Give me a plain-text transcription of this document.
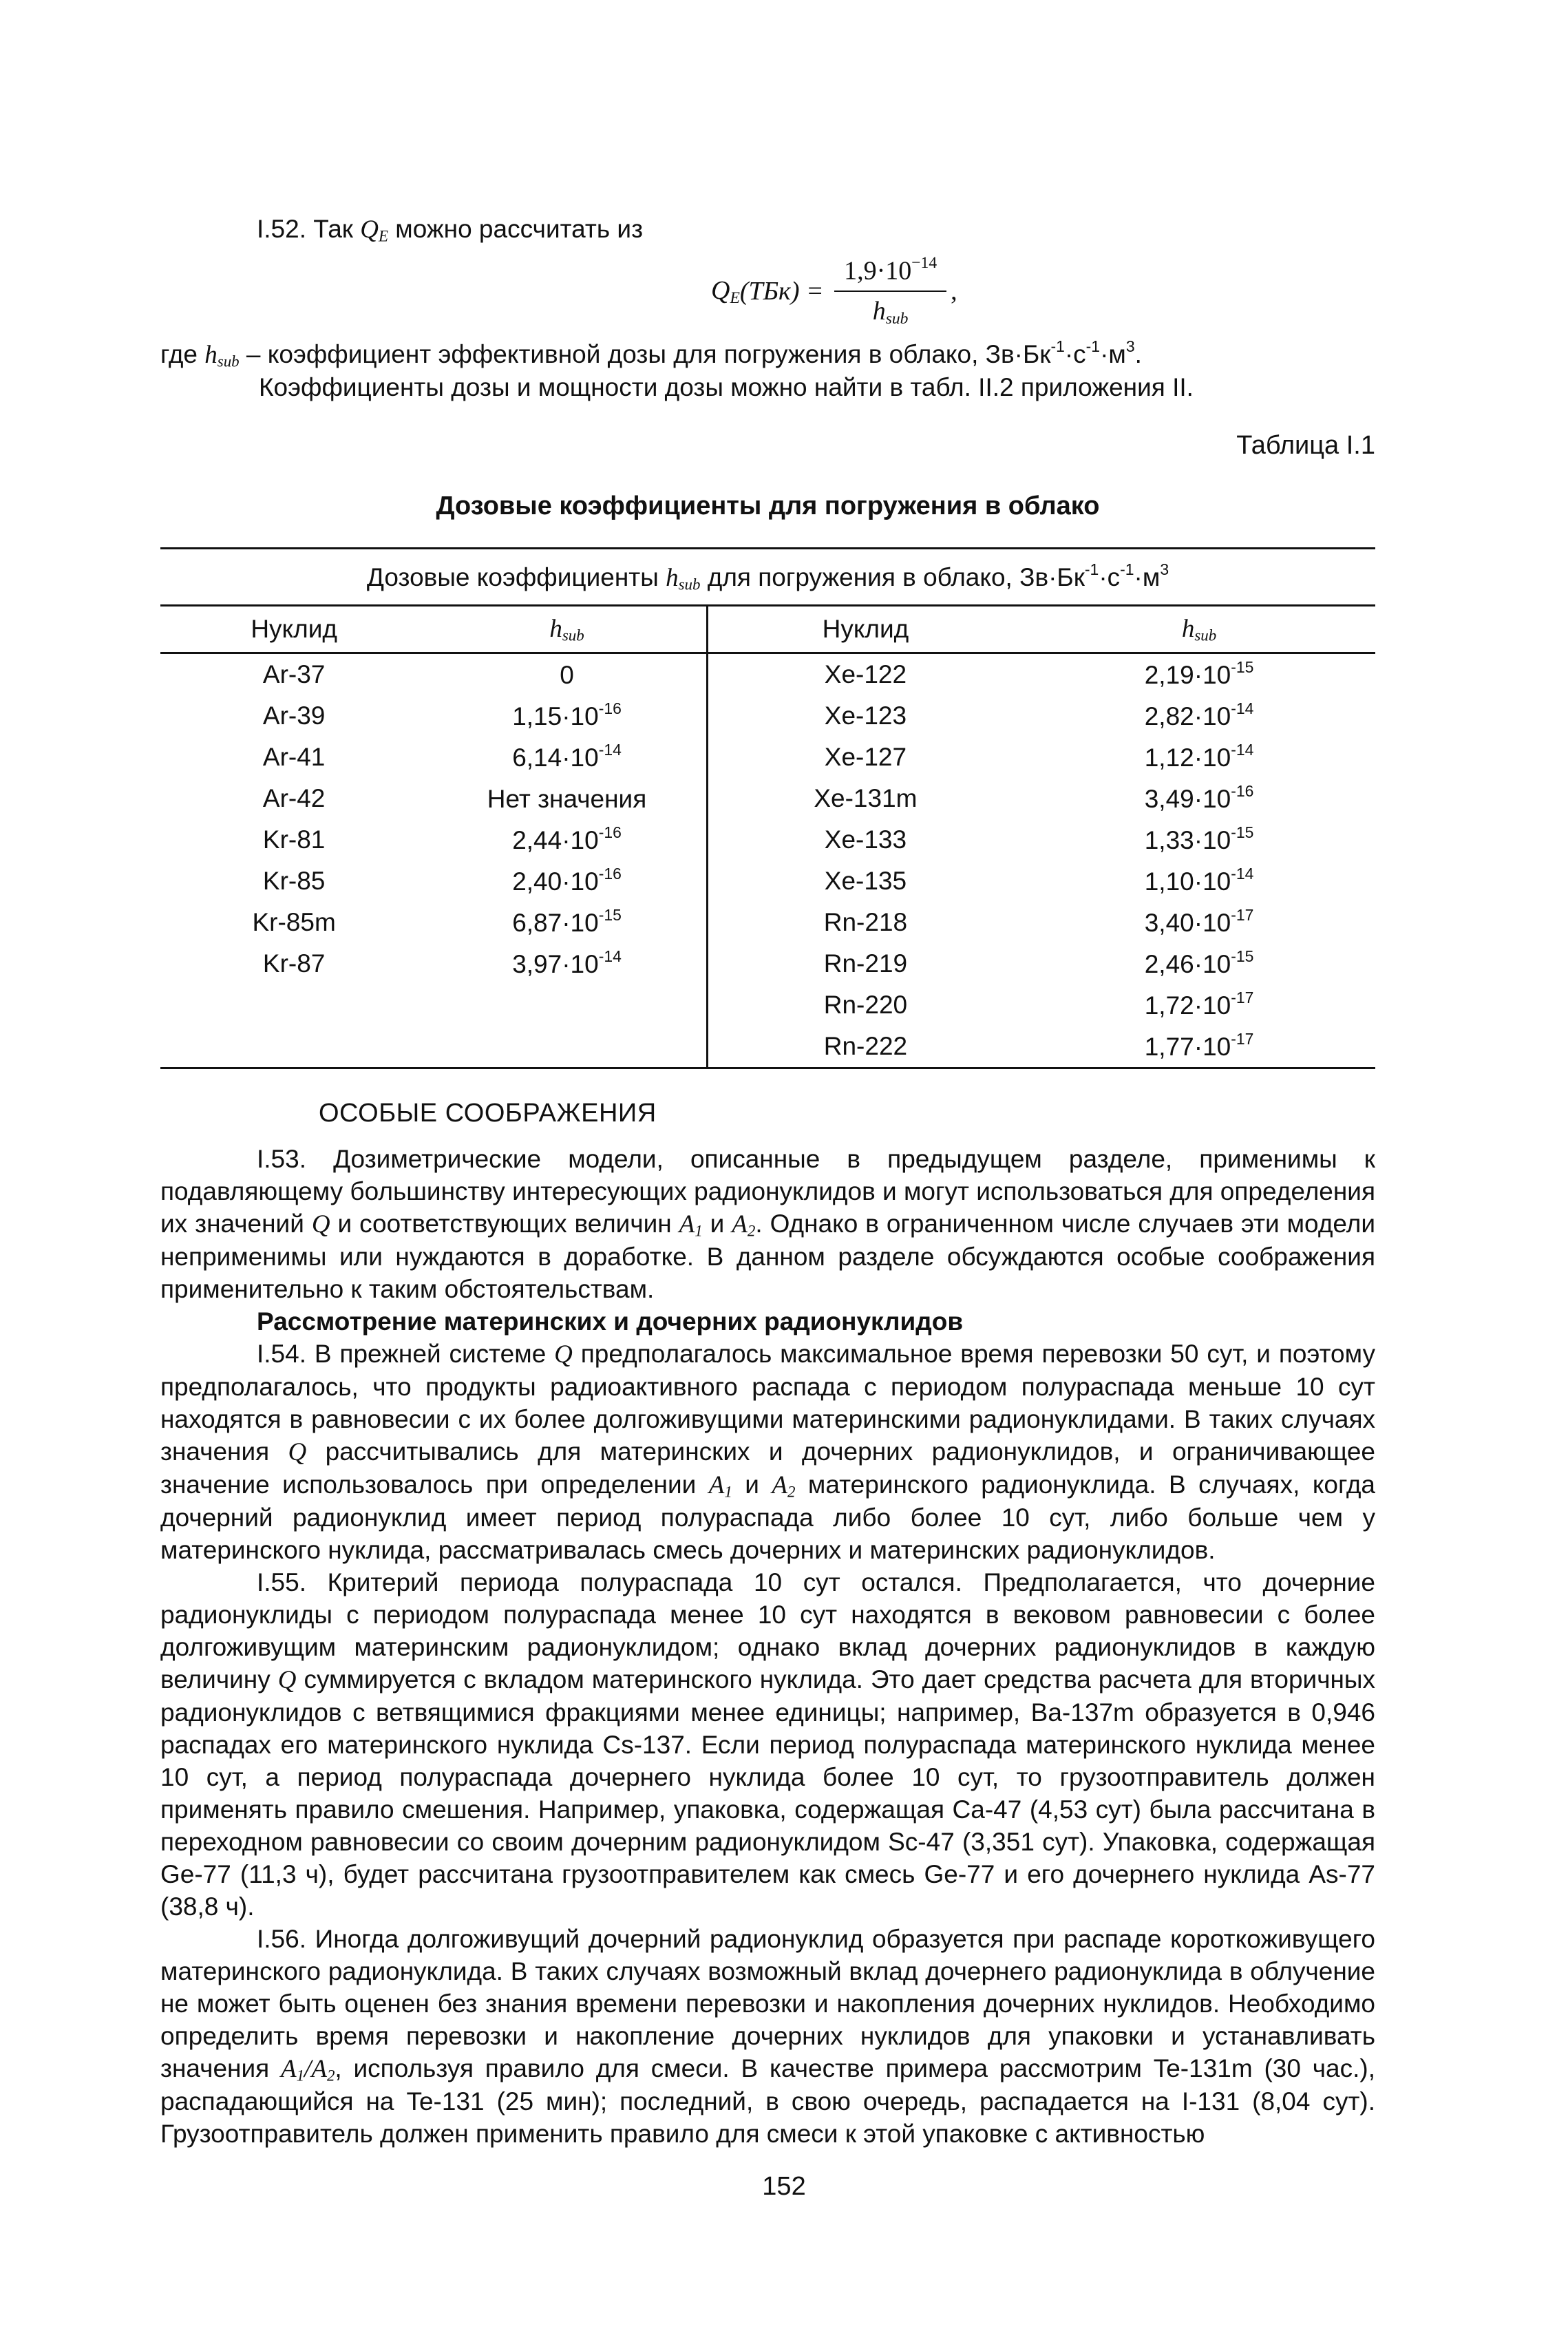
I.52. Так $Q_E$ можно рассчитать из

$Q_E$ $(ТБк) = \frac{1,9\cdot 10^{-14}}{h_{sub}}$ ,

где $h_{sub}$ – коэффициент эффективной дозы для погружения в облако, $Зв\cdot Бк^{-1}\cdot с^{-1}\cdot м^3$.

Коэффициенты дозы и мощности дозы можно найти в табл. II.2 приложения II.

Таблица I.1

Дозовые коэффициенты для погружения в облако

Дозовые коэффициенты $h_{sub}$ для погружения в облако, $Зв\cdot Бк^{-1}\cdot с^{-1}\cdot м^3$
Нуклид	$h_{sub}$	Нуклид	$h_{sub}$
Ar-37	0	Xe-122	$2,19\cdot 10^{-15}$
Ar-39	$1,15\cdot 10^{-16}$	Xe-123	$2,82\cdot 10^{-14}$
Ar-41	$6,14\cdot 10^{-14}$	Xe-127	$1,12\cdot 10^{-14}$
Ar-42	Нет значения	Xe-131m	$3,49\cdot 10^{-16}$
Kr-81	$2,44\cdot 10^{-16}$	Xe-133	$1,33\cdot 10^{-15}$
Kr-85	$2,40\cdot 10^{-16}$	Xe-135	$1,10\cdot 10^{-14}$
Kr-85m	$6,87\cdot 10^{-15}$	Rn-218	$3,40\cdot 10^{-17}$
Kr-87	$3,97\cdot 10^{-14}$	Rn-219	$2,46\cdot 10^{-15}$
		Rn-220	$1,72\cdot 10^{-17}$
		Rn-222	$1,77\cdot 10^{-17}$

ОСОБЫЕ СООБРАЖЕНИЯ

I.53. Дозиметрические модели, описанные в предыдущем разделе, применимы к подавляющему большинству интересующих радионуклидов и могут использоваться для определения их значений Q и соответствующих величин $A_1$ и $A_2$. Однако в ограниченном числе случаев эти модели неприменимы или нуждаются в доработке. В данном разделе обсуждаются особые соображения применительно к таким обстоятельствам.

Рассмотрение материнских и дочерних радионуклидов

I.54. В прежней системе Q предполагалось максимальное время перевозки 50 сут, и поэтому предполагалось, что продукты радиоактивного распада с периодом полураспада меньше 10 сут находятся в равновесии с их более долгоживущими материнскими радионуклидами. В таких случаях значения Q рассчитывались для материнских и дочерних радионуклидов, и ограничивающее значение использовалось при определении $A_1$ и $A_2$ материнского радионуклида. В случаях, когда дочерний радионуклид имеет период полураспада либо более 10 сут, либо больше чем у материнского нуклида, рассматривалась смесь дочерних и материнских радионуклидов.

I.55. Критерий периода полураспада 10 сут остался. Предполагается, что дочерние радионуклиды с периодом полураспада менее 10 сут находятся в вековом равновесии с более долгоживущим материнским радионуклидом; однако вклад дочерних радионуклидов в каждую величину Q суммируется с вкладом материнского нуклида. Это дает средства расчета для вторичных радионуклидов с ветвящимися фракциями менее единицы; например, Ba-137m образуется в 0,946 распадах его материнского нуклида Cs-137. Если период полураспада материнского нуклида менее 10 сут, а период полураспада дочернего нуклида более 10 сут, то грузоотправитель должен применять правило смешения. Например, упаковка, содержащая Ca-47 (4,53 сут) была рассчитана в переходном равновесии со своим дочерним радионуклидом Sc-47 (3,351 сут). Упаковка, содержащая Ge-77 (11,3 ч), будет рассчитана грузоотправителем как смесь Ge-77 и его дочернего нуклида As-77 (38,8 ч).

I.56. Иногда долгоживущий дочерний радионуклид образуется при распаде короткоживущего материнского радионуклида. В таких случаях возможный вклад дочернего радионуклида в облучение не может быть оценен без знания времени перевозки и накопления дочерних нуклидов. Необходимо определить время перевозки и накопление дочерних нуклидов для упаковки и устанавливать значения $A_1/A_2$, используя правило для смеси. В качестве примера рассмотрим Te-131m (30 час.), распадающийся на Te-131 (25 мин); последний, в свою очередь, распадается на I-131 (8,04 сут). Грузоотправитель должен применить правило для смеси к этой упаковке с активностью

152
